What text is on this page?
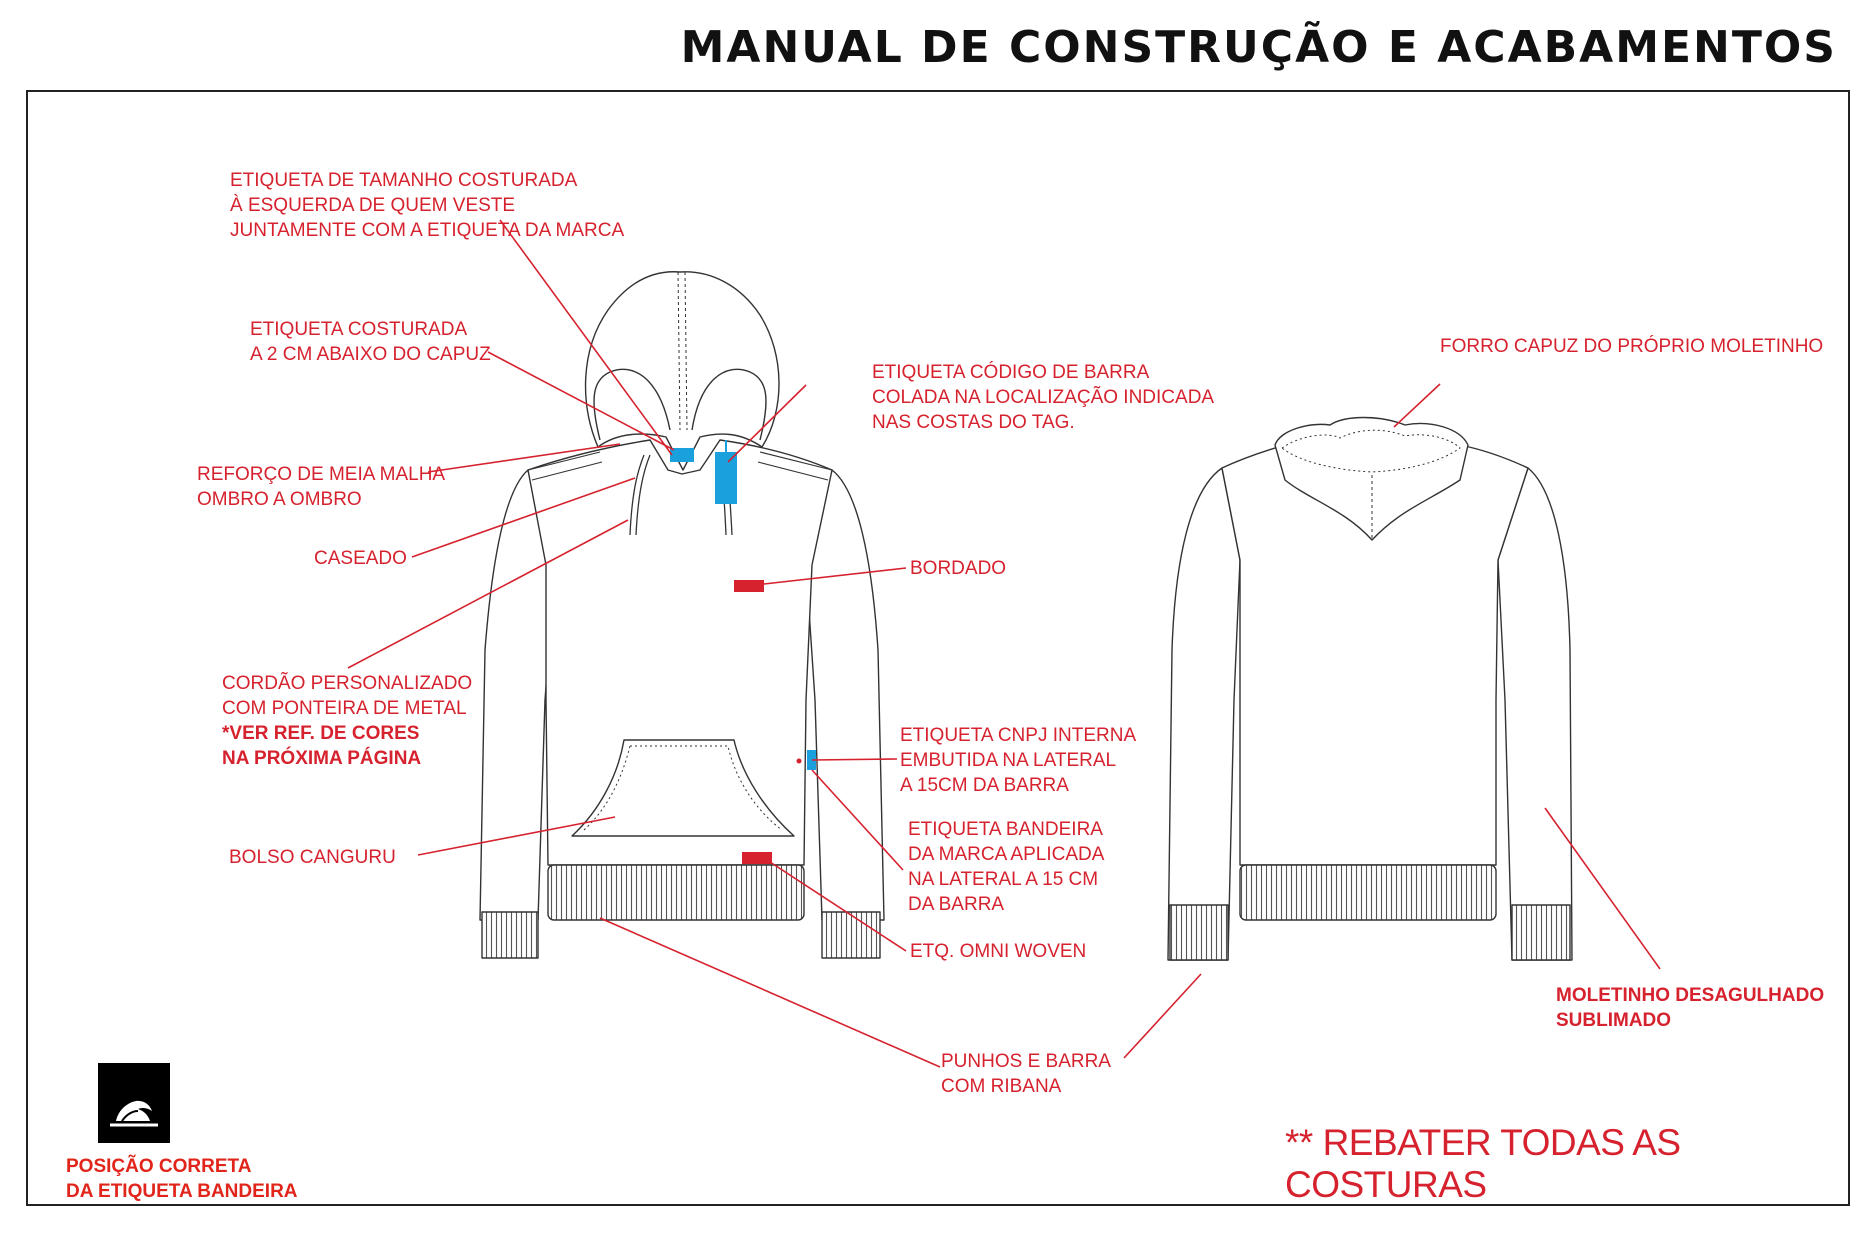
MANUAL DE CONSTRUÇÃO E ACABAMENTOS
ETIQUETA DE TAMANHO COSTURADA
À ESQUERDA DE QUEM VESTE
JUNTAMENTE COM A ETIQUETA DA MARCA
ETIQUETA COSTURADA
A 2 CM ABAIXO DO CAPUZ
ETIQUETA CÓDIGO DE BARRA
COLADA NA LOCALIZAÇÃO INDICADA
NAS COSTAS DO TAG.
REFORÇO DE MEIA MALHA
OMBRO A OMBRO
CASEADO	BORDADO
CORDÃO PERSONALIZADO
COM PONTEIRA DE METAL
*VER REF. DE CORES
NA PRÓXIMA PÁGINA
ETIQUETA CNPJ INTERNA
EMBUTIDA NA LATERAL
A 15CM DA BARRA
ETIQUETA BANDEIRA
DA MARCA APLICADA
NA LATERAL A 15 CM
DA BARRA
BOLSO CANGURU
ETQ. OMNI WOVEN
PUNHOS E BARRA
COM RIBANA
FORRO CAPUZ DO PRÓPRIO MOLETINHO
MOLETINHO DESAGULHADO
SUBLIMADO
** REBATER TODAS AS COSTURAS
POSIÇÃO CORRETA
DA ETIQUETA BANDEIRA
